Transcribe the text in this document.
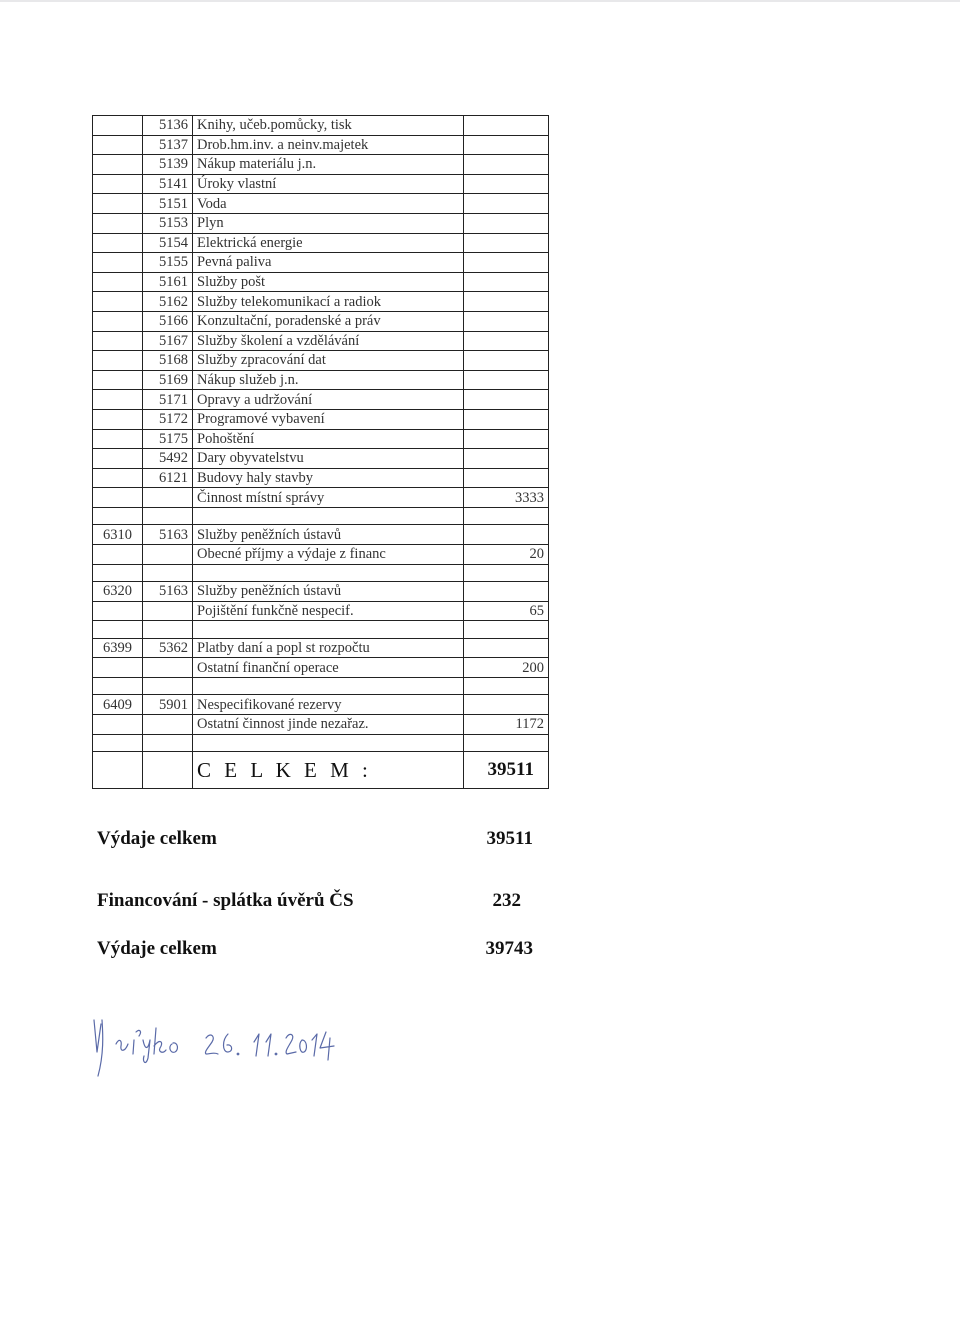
	5136	Knihy, učeb.pomůcky, tisk	
	5137	Drob.hm.inv. a neinv.majetek	
	5139	Nákup materiálu j.n.	
	5141	Úroky vlastní	
	5151	Voda	
	5153	Plyn	
	5154	Elektrická energie	
	5155	Pevná paliva	
	5161	Služby pošt	
	5162	Služby telekomunikací a radiok	
	5166	Konzultační, poradenské a práv	
	5167	Služby školení a vzdělávání	
	5168	Služby zpracování dat	
	5169	Nákup služeb j.n.	
	5171	Opravy a udržování	
	5172	Programové vybavení	
	5175	Pohoštění	
	5492	Dary obyvatelstvu	
	6121	Budovy haly stavby	
		Činnost místní správy	3333

6310	5163	Služby peněžních ústavů	
		Obecné příjmy a výdaje z financ	20

6320	5163	Služby peněžních ústavů	
		Pojištění funkčně nespecif.	65

6399	5362	Platby daní a popl st rozpočtu	
		Ostatní finanční operace	200

6409	5901	Nespecifikované rezervy	
		Ostatní činnost jinde nezařaz.	1172

		C E L K E M :	39511
Výdaje celkem	39511
Financování - splátka úvěrů ČS	232
Výdaje celkem	39743
